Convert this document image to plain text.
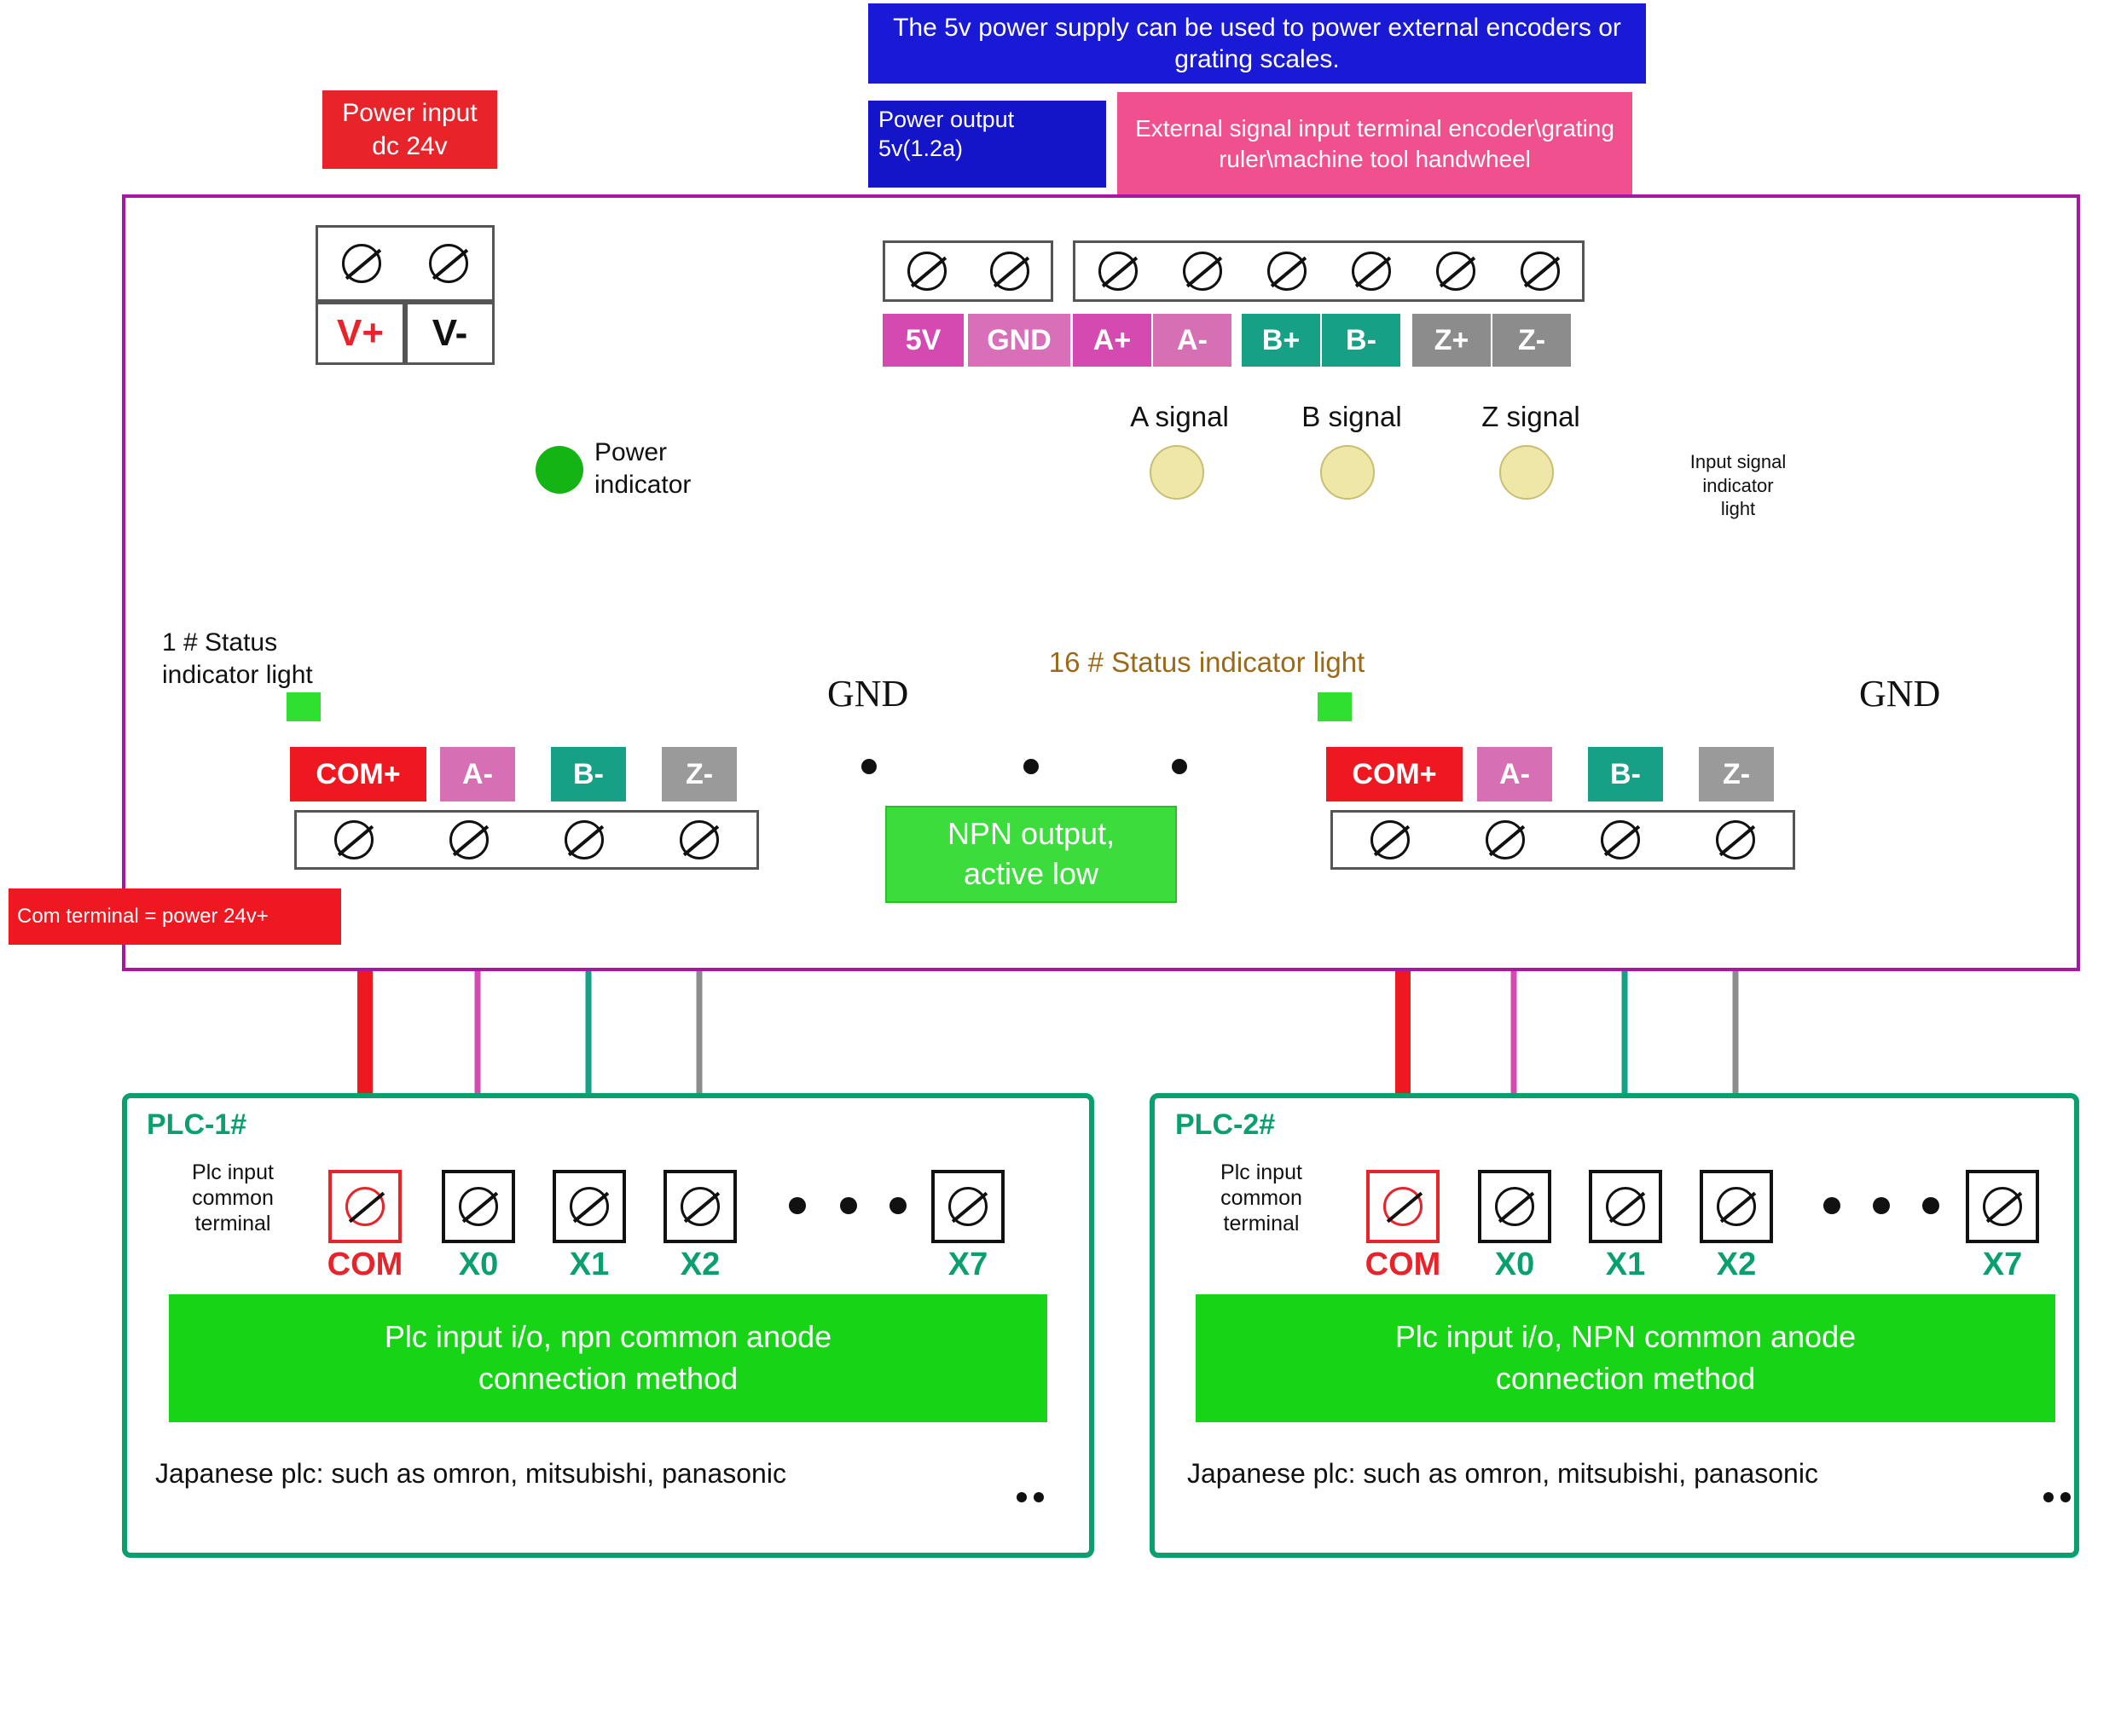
The 5v power supply can be used to power external encoders or grating scales.
Power output
5v(1.2a)
External signal input terminal encoder\grating ruler\machine tool handwheel
Power input
dc 24v
V+	V-	5V	GND	A+	A-	B+	B-	Z+	Z-
A signal	B signal	Z signal
Input signal
indicator
light
Power
indicator
1 # Status
indicator light	16 # Status indicator light
GND	GND
COM+	A-	B-	Z-	COM+	A-	B-	Z-
NPN output,
active low
Com terminal = power 24v+
PLC-1#
Plc input
common
terminal
COM	X0	X1	X2	X7
Plc input i/o, npn common anode
connection method
Japanese plc: such as omron, mitsubishi, panasonic
PLC-2#
Plc input
common
terminal
COM	X0	X1	X2	X7
Plc input i/o, NPN common anode
connection method
Japanese plc: such as omron, mitsubishi, panasonic
